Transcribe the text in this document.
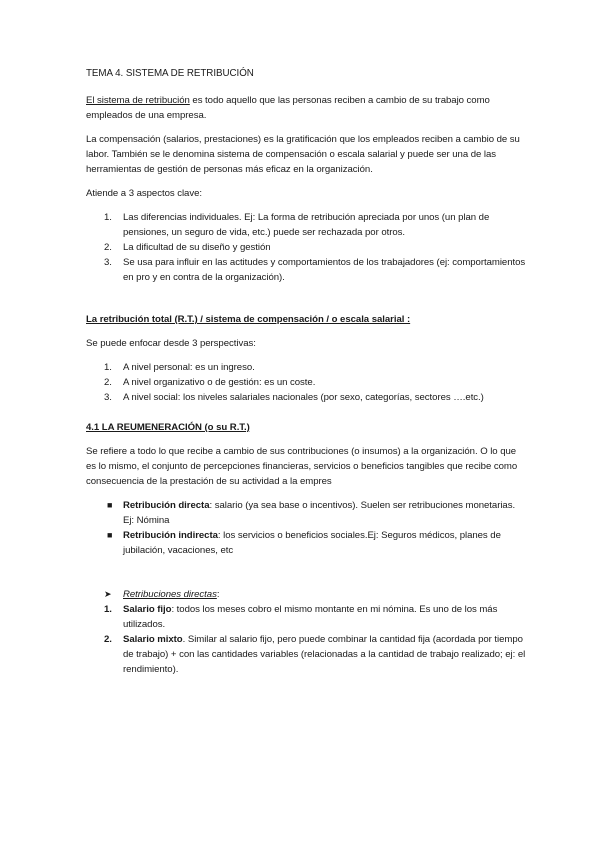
TEMA 4. SISTEMA DE RETRIBUCIÓN

El sistema de retribución es todo aquello que las personas reciben a cambio de su trabajo como empleados de una empresa.

La compensación (salarios, prestaciones) es la gratificación que los empleados reciben a cambio de su labor. También se le denomina sistema de compensación o escala salarial y puede ser una de las herramientas de gestión de personas más eficaz en la organización.

Atiende a 3 aspectos clave:

1. Las diferencias individuales. Ej: La forma de retribución apreciada por unos (un plan de pensiones, un seguro de vida, etc.) puede ser rechazada por otros.
2. La dificultad de su diseño y gestión
3. Se usa para influir en las actitudes y comportamientos de los trabajadores (ej: comportamientos en pro y en contra de la organización).

La retribución total (R.T.) / sistema de compensación / o escala salarial :

Se puede enfocar desde 3 perspectivas:

1. A nivel personal: es un ingreso.
2. A nivel organizativo o de gestión: es un coste.
3. A nivel social: los niveles salariales nacionales (por sexo, categorías, sectores ….etc.)

4.1 LA REUMENERACIÓN (o su R.T.)

Se refiere a todo lo que recibe a cambio de sus contribuciones (o insumos) a la organización. O lo que es lo mismo, el conjunto de percepciones financieras, servicios o beneficios tangibles que recibe como consecuencia de la prestación de su actividad a la empres

■ Retribución directa: salario (ya sea base o incentivos). Suelen ser retribuciones monetarias. Ej: Nómina
■ Retribución indirecta: los servicios o beneficios sociales.Ej: Seguros médicos, planes de jubilación, vacaciones, etc

➤ Retribuciones directas:

1. Salario fijo: todos los meses cobro el mismo montante en mi nómina. Es uno de los más utilizados.
2. Salario mixto. Similar al salario fijo, pero puede combinar la cantidad fija (acordada por tiempo de trabajo) + con las cantidades variables (relacionadas a la cantidad de trabajo realizado; ej: el rendimiento).
